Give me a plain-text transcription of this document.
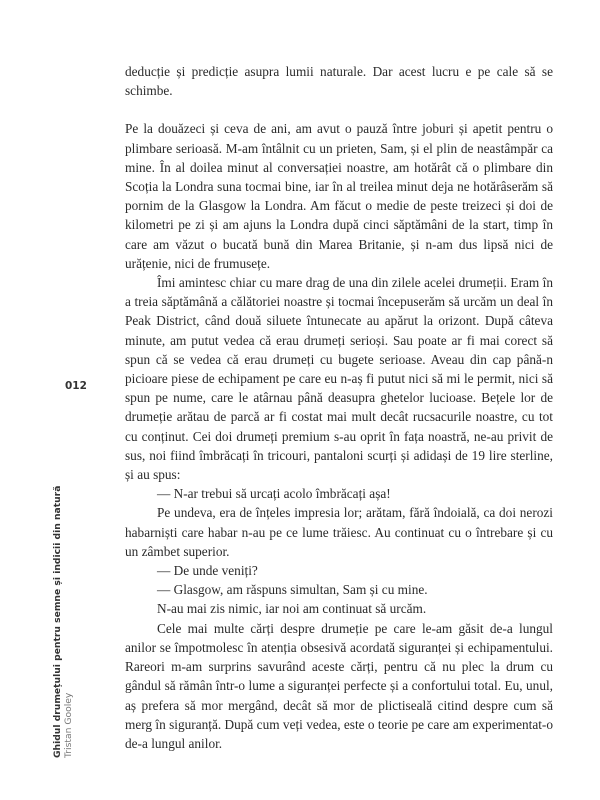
deducție și predicție asupra lumii naturale. Dar acest lucru e pe cale să se schimbe.

Pe la douăzeci și ceva de ani, am avut o pauză între joburi și apetit pentru o plimbare serioasă. M-am întâlnit cu un prieten, Sam, și el plin de neastâmpăr ca mine. În al doilea minut al conversației noastre, am hotărât că o plimbare din Scoția la Londra suna tocmai bine, iar în al treilea minut deja ne hotărâserăm să pornim de la Glasgow la Londra. Am făcut o medie de peste treizeci și doi de kilometri pe zi și am ajuns la Londra după cinci săptămâni de la start, timp în care am văzut o bucată bună din Marea Britanie, și n-am dus lipsă nici de urățenie, nici de frumusețe.

Îmi amintesc chiar cu mare drag de una din zilele acelei drumeții. Eram în a treia săptămână a călătoriei noastre și tocmai începuserăm să urcăm un deal în Peak District, când două siluete întunecate au apărut la orizont. După câteva minute, am putut vedea că erau drumeți serioși. Sau poate ar fi mai corect să spun că se vedea că erau drumeți cu bugete serioase. Aveau din cap până-n picioare piese de echipament pe care eu n-aș fi putut nici să mi le permit, nici să spun pe nume, care le atârnau până deasupra ghetelor lucioase. Bețele lor de drumeție arătau de parcă ar fi costat mai mult decât rucsacurile noastre, cu tot cu conținut. Cei doi drumeți premium s-au oprit în fața noastră, ne-au privit de sus, noi fiind îmbrăcați în tricouri, pantaloni scurți și adidași de 19 lire sterline, și au spus:

— N-ar trebui să urcați acolo îmbrăcați așa!

Pe undeva, era de înțeles impresia lor; arătam, fără îndoială, ca doi nerozi habarniști care habar n-au pe ce lume trăiesc. Au continuat cu o întrebare și cu un zâmbet superior.

— De unde veniți?

— Glasgow, am răspuns simultan, Sam și cu mine.

N-au mai zis nimic, iar noi am continuat să urcăm.

Cele mai multe cărți despre drumeție pe care le-am găsit de-a lungul anilor se împotmolesc în atenția obsesivă acordată siguranței și echipamentului. Rareori m-am surprins savurând aceste cărți, pentru că nu plec la drum cu gândul să rămân într-o lume a siguranței perfecte și a confortului total. Eu, unul, aș prefera să mor mergând, decât să mor de plictiseală citind despre cum să merg în siguranță. După cum veți vedea, este o teorie pe care am experimentat-o de-a lungul anilor.

012
Ghidul drumețului pentru semne și indicii din natură Tristan Gooley
